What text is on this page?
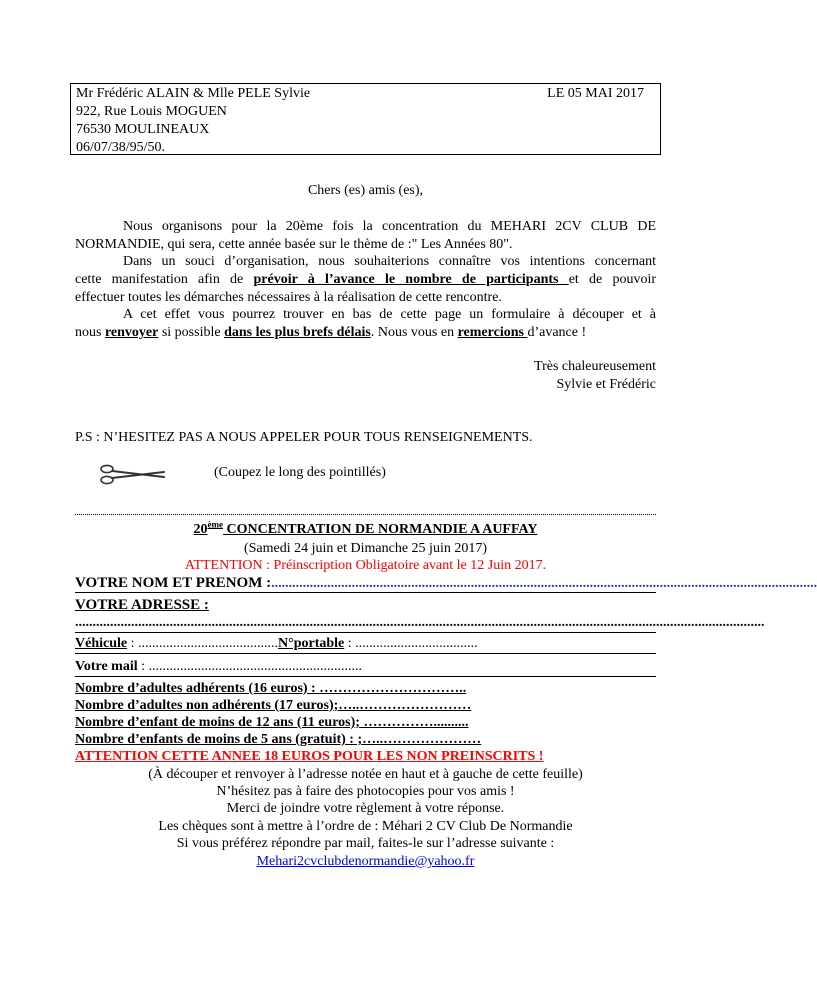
Mr Frédéric ALAIN & Mlle PELE Sylvie
922, Rue Louis MOGUEN
76530 MOULINEAUX
06/07/38/95/50.
LE 05 MAI 2017
Chers (es) amis (es),
Nous organisons pour la 20ème fois la concentration du MEHARI 2CV CLUB DE
NORMANDIE, qui sera, cette année basée sur le thème de :" Les Années 80".
Dans un souci d’organisation, nous souhaiterions connaître vos intentions concernant
cette manifestation afin de prévoir à l’avance le nombre de participants et de pouvoir
effectuer toutes les démarches nécessaires à la réalisation de cette rencontre.
A cet effet vous pourrez trouver en bas de cette page un formulaire à découper et à
nous renvoyer si possible dans les plus brefs délais. Nous vous en remercions d’avance !
Très chaleureusement
Sylvie et Frédéric
P.S : N’HESITEZ PAS A NOUS APPELER POUR TOUS RENSEIGNEMENTS.
(Coupez le long des pointillés)
20ème CONCENTRATION DE NORMANDIE A AUFFAY
(Samedi 24 juin et Dimanche 25 juin 2017)
ATTENTION : Préinscription Obligatoire avant le 12 Juin 2017.
VOTRE NOM ET PRENOM :............................................................................................................................................................
VOTRE ADRESSE :
.....................................................................................................................................................................................................
Véhicule : ........................................N°portable : ...................................
Votre mail : .............................................................
Nombre d’adultes adhérents (16 euros) : …………………………..
Nombre d’adultes non adhérents (17 euros);…..……………………
Nombre d’enfant de moins de 12 ans (11 euros); ……………..........
Nombre d’enfants de moins de 5 ans (gratuit) : ;…..…………………
ATTENTION CETTE ANNEE 18 EUROS POUR LES NON PREINSCRITS !
(À découper et renvoyer à l’adresse notée en haut et à gauche de cette feuille)
N’hésitez pas à faire des photocopies pour vos amis !
Merci de joindre votre règlement à votre réponse.
Les chèques sont à mettre à l’ordre de : Méhari 2 CV Club De Normandie
Si vous préférez répondre par mail, faites-le sur l’adresse suivante :
Mehari2cvclubdenormandie@yahoo.fr
